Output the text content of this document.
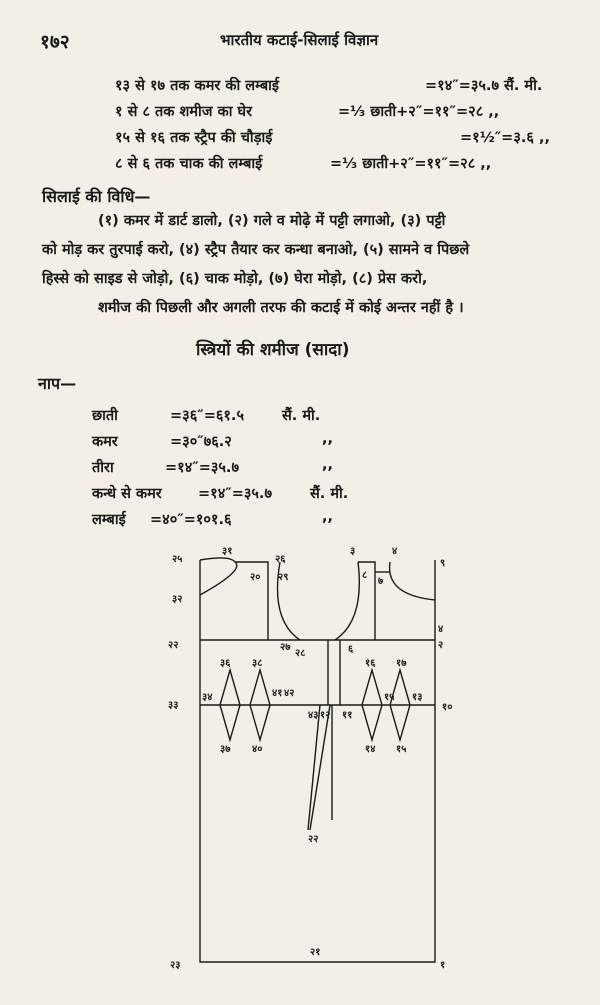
१७२	भारतीय कटाई-सिलाई विज्ञान
१३ से १७ तक कमर की लम्बाई	=१४″=३५.७ सैं. मी.
१ से ८ तक शमीज का घेर	=⅓ छाती+२″=११″=२८ ,,
१५ से १६ तक स्ट्रैप की चौड़ाई	=१½″=३.६ ,,
८ से ६ तक चाक की लम्बाई	=⅓ छाती+२″=११″=२८ ,,
सिलाई की विधि—
(१) कमर में डार्ट डालो, (२) गले व मोढ़े में पट्टी लगाओ, (३) पट्टी
को मोड़ कर तुरपाई करो, (४) स्ट्रैप तैयार कर कन्धा बनाओ, (५) सामने व पिछले
हिस्से को साइड से जोड़ो, (६) चाक मोड़ो, (७) घेरा मोड़ो, (८) प्रेस करो,
शमीज की पिछली और अगली तरफ की कटाई में कोई अन्तर नहीं है ।
स्त्रियों की शमीज (सादा)
नाप—
छाती	=३६″=६१.५	सैं. मी.
कमर	=३०″७६.२	,,
तीरा	=१४″=३५.७	,,
कन्धे से कमर	=१४″=३५.७	सैं. मी.
लम्बाई =४०″=१०१.६	,,
२५
३१
२६
२० २९
३२
३	४
९
८
७
४
२२	२७
२८	६	२
३६ ३८	१६ १७
३३
३४	४१ ४२
४३ १२ ११
१५ १३
१०
३७ ४०	१४ १५
२२
२३
२१
१
